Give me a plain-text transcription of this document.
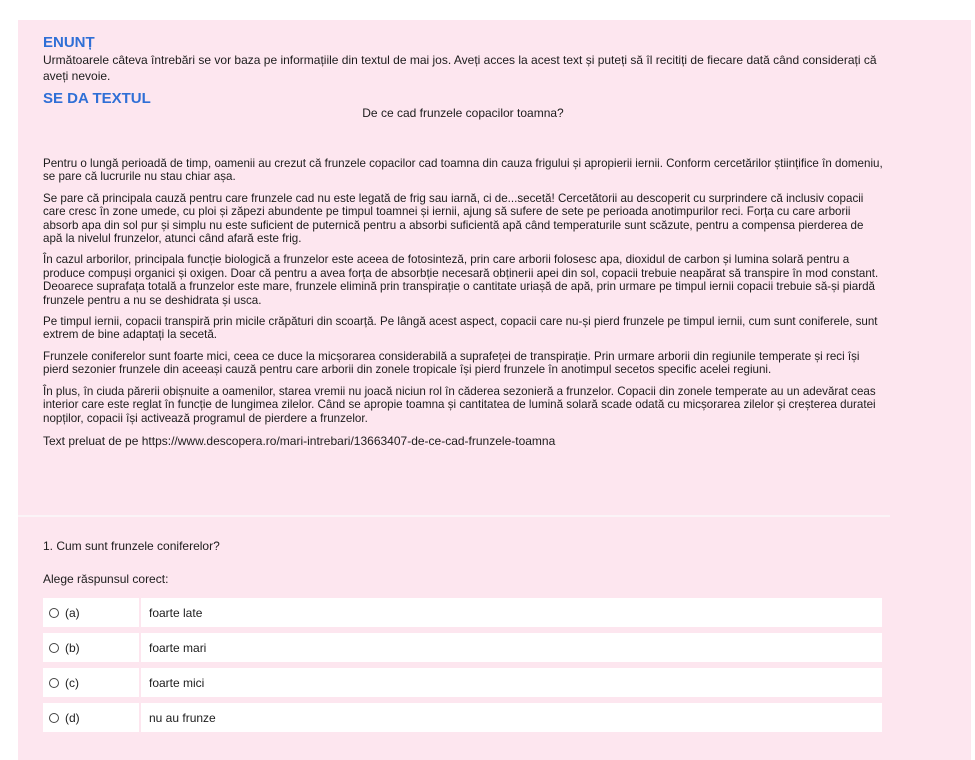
ENUNȚ

Următoarele câteva întrebări se vor baza pe informațiile din textul de mai jos. Aveți acces la acest text și puteți să îl recitiți de fiecare dată când considerați că aveți nevoie.

SE DA TEXTUL

De ce cad frunzele copacilor toamna?

Pentru o lungă perioadă de timp, oamenii au crezut că frunzele copacilor cad toamna din cauza frigului și apropierii iernii. Conform cercetărilor științifice în domeniu, se pare că lucrurile nu stau chiar așa.

Se pare că principala cauză pentru care frunzele cad nu este legată de frig sau iarnă, ci de...secetă! Cercetătorii au descoperit cu surprindere că inclusiv copacii care cresc în zone umede, cu ploi și zăpezi abundente pe timpul toamnei și iernii, ajung să sufere de sete pe perioada anotimpurilor reci. Forța cu care arborii absorb apa din sol pur și simplu nu este suficient de puternică pentru a absorbi suficientă apă când temperaturile sunt scăzute, pentru a compensa pierderea de apă la nivelul frunzelor, atunci când afară este frig.

În cazul arborilor, principala funcție biologică a frunzelor este aceea de fotosinteză, prin care arborii folosesc apa, dioxidul de carbon și lumina solară pentru a produce compuși organici și oxigen. Doar că pentru a avea forța de absorbție necesară obținerii apei din sol, copacii trebuie neapărat să transpire în mod constant. Deoarece suprafața totală a frunzelor este mare, frunzele elimină prin transpirație o cantitate uriașă de apă, prin urmare pe timpul iernii copacii trebuie să-și piardă frunzele pentru a nu se deshidrata și usca.

Pe timpul iernii, copacii transpiră prin micile crăpături din scoarță. Pe lângă acest aspect, copacii care nu-și pierd frunzele pe timpul iernii, cum sunt coniferele, sunt extrem de bine adaptați la secetă.

Frunzele coniferelor sunt foarte mici, ceea ce duce la micșorarea considerabilă a suprafeței de transpirație. Prin urmare arborii din regiunile temperate și reci își pierd sezonier frunzele din aceeași cauză pentru care arborii din zonele tropicale își pierd frunzele în anotimpul secetos specific acelei regiuni.

În plus, în ciuda părerii obișnuite a oamenilor, starea vremii nu joacă niciun rol în căderea sezonieră a frunzelor. Copacii din zonele temperate au un adevărat ceas interior care este reglat în funcție de lungimea zilelor. Când se apropie toamna și cantitatea de lumină solară scade odată cu micșorarea zilelor și creșterea duratei nopților, copacii își activează programul de pierdere a frunzelor.

Text preluat de pe https://www.descopera.ro/mari-intrebari/13663407-de-ce-cad-frunzele-toamna

1. Cum sunt frunzele coniferelor?

Alege răspunsul corect:

(a)	foarte late
(b)	foarte mari
(c)	foarte mici
(d)	nu au frunze
